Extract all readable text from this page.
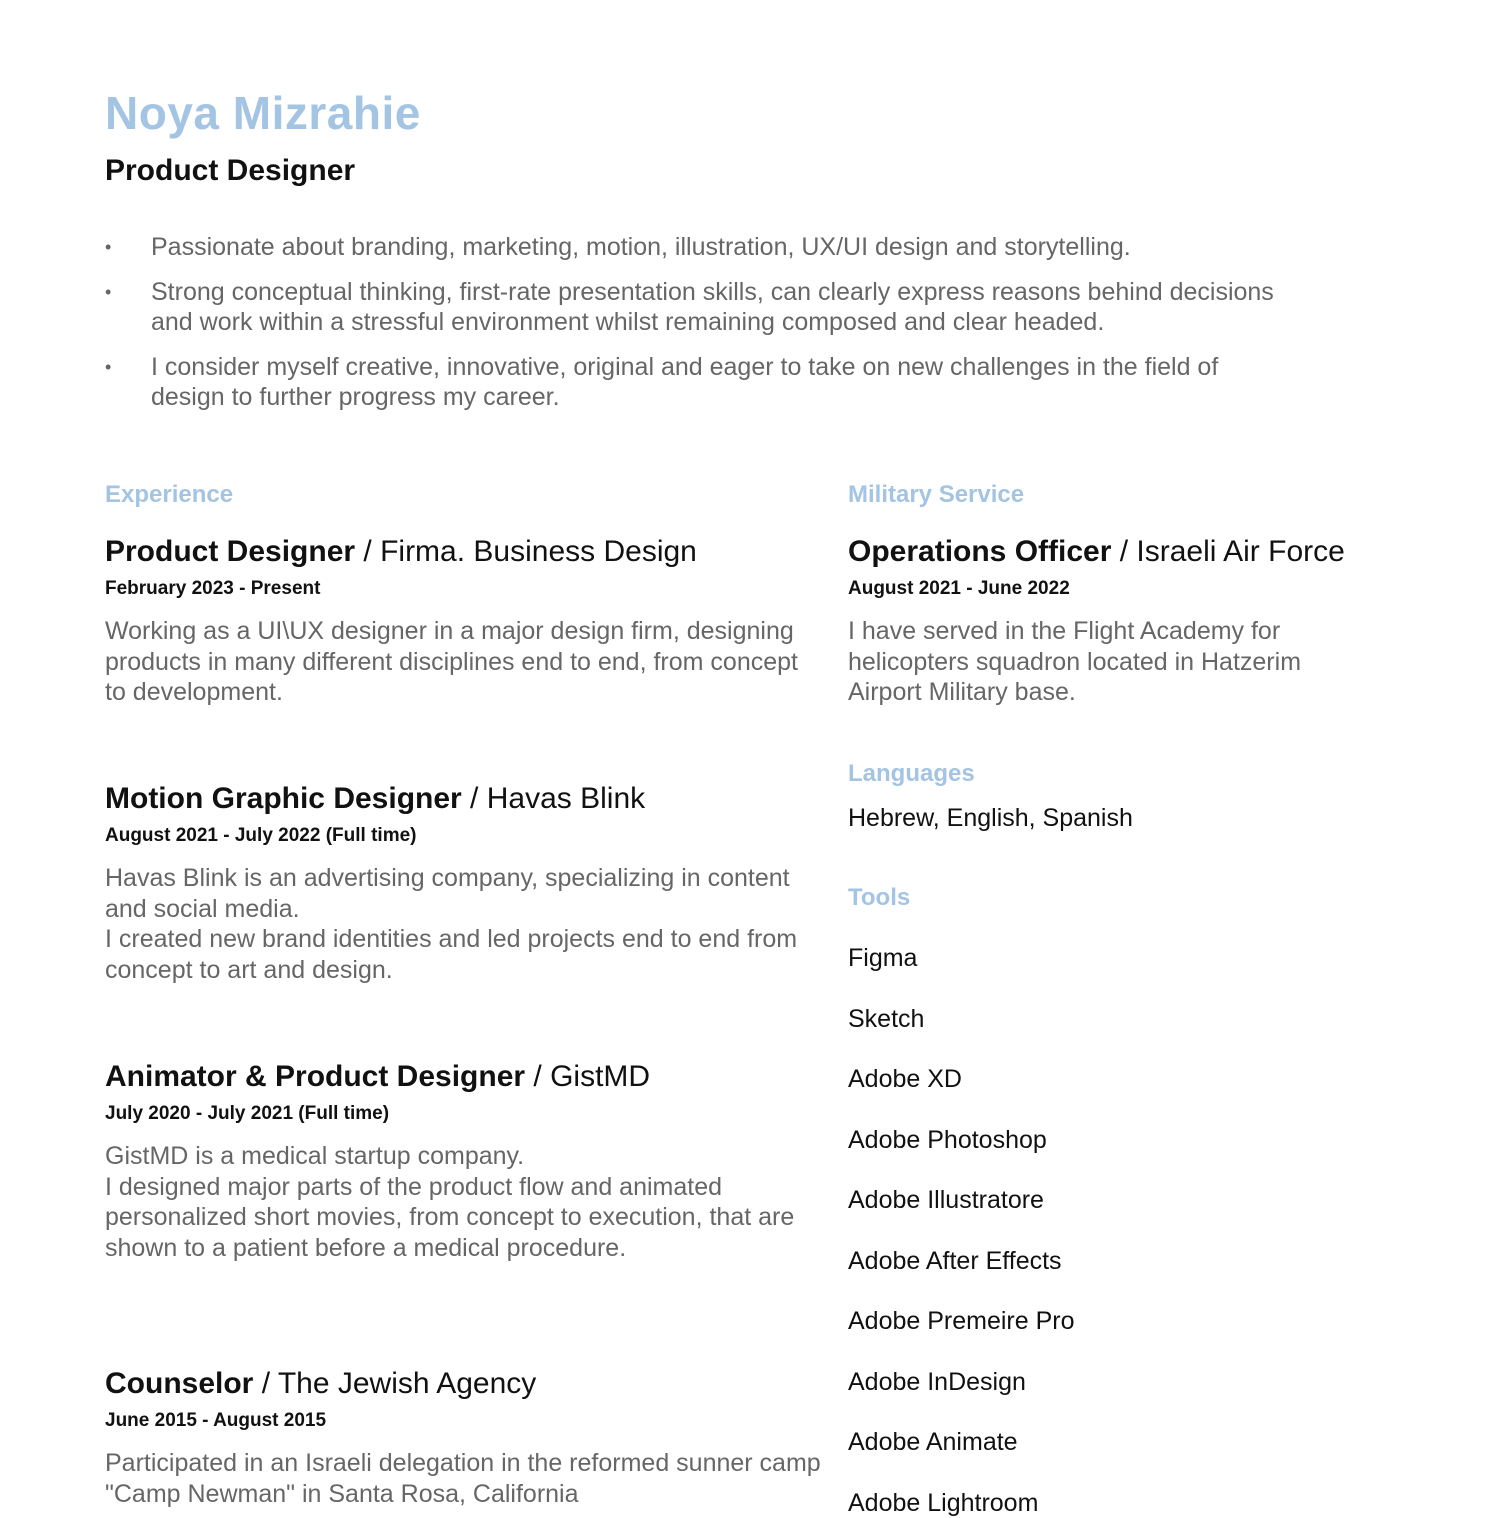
Noya Mizrahie
Product Designer
• Passionate about branding, marketing, motion, illustration, UX/UI design and storytelling.
• Strong conceptual thinking, first-rate presentation skills, can clearly express reasons behind decisions and work within a stressful environment whilst remaining composed and clear headed.
• I consider myself creative, innovative, original and eager to take on new challenges in the field of design to further progress my career.
Experience
Product Designer / Firma. Business Design
February 2023 - Present
Working as a UI\UX designer in a major design firm, designing products in many different disciplines end to end, from concept to development.
Motion Graphic Designer / Havas Blink
August 2021 - July 2022 (Full time)
Havas Blink is an advertising company, specializing in content and social media.
I created new brand identities and led projects end to end from concept to art and design.
Animator & Product Designer / GistMD
July 2020 - July 2021 (Full time)
GistMD is a medical startup company.
I designed major parts of the product flow and animated personalized short movies, from concept to execution, that are shown to a patient before a medical procedure.
Counselor / The Jewish Agency
June 2015 - August 2015
Participated in an Israeli delegation in the reformed sunner camp "Camp Newman" in Santa Rosa, California
Military Service
Operations Officer / Israeli Air Force
August 2021 - June 2022
I have served in the Flight Academy for helicopters squadron located in Hatzerim Airport Military base.
Languages
Hebrew, English, Spanish
Tools
Figma
Sketch
Adobe XD
Adobe Photoshop
Adobe Illustratore
Adobe After Effects
Adobe Premeire Pro
Adobe InDesign
Adobe Animate
Adobe Lightroom
